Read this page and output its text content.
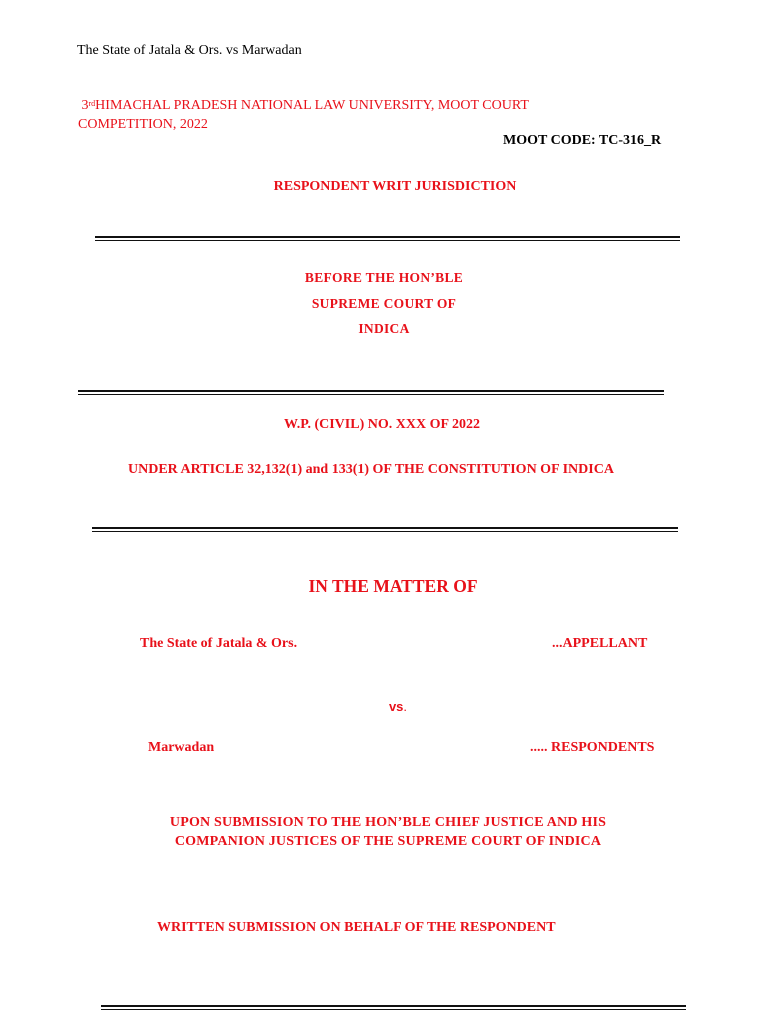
The State of Jatala & Ors. vs Marwadan
3rdHIMACHAL PRADESH NATIONAL LAW UNIVERSITY, MOOT COURT
COMPETITION, 2022
MOOT CODE: TC-316_R
RESPONDENT WRIT JURISDICTION
BEFORE THE HON’BLE
SUPREME COURT OF
INDICA
W.P. (CIVIL) NO. XXX OF 2022
UNDER ARTICLE 32,132(1) and 133(1) OF THE CONSTITUTION OF INDICA
IN THE MATTER OF
The State of Jatala & Ors.	...APPELLANT
vs.
Marwadan	..... RESPONDENTS
UPON SUBMISSION TO THE HON’BLE CHIEF JUSTICE AND HIS
COMPANION JUSTICES OF THE SUPREME COURT OF INDICA
WRITTEN SUBMISSION ON BEHALF OF THE RESPONDENT
